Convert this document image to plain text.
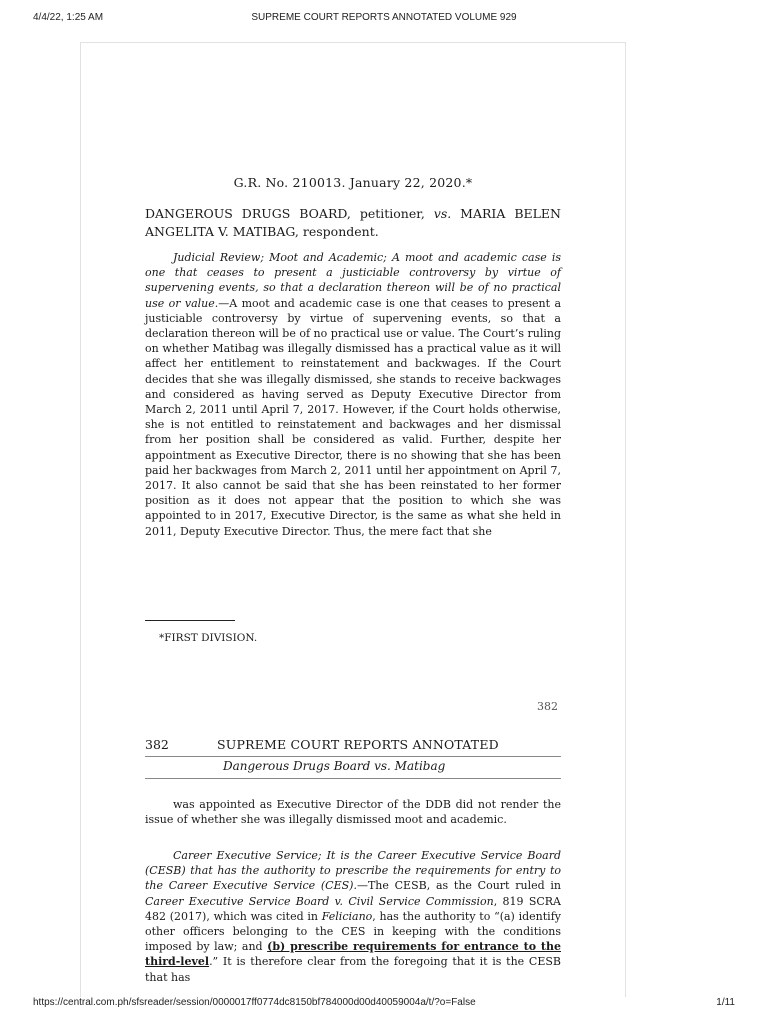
4/4/22, 1:25 AM	SUPREME COURT REPORTS ANNOTATED VOLUME 929
G.R. No. 210013. January 22, 2020.*
DANGEROUS DRUGS BOARD, petitioner, vs. MARIA BELEN ANGELITA V. MATIBAG, respondent.
Judicial Review; Moot and Academic; A moot and academic case is one that ceases to present a justiciable controversy by virtue of supervening events, so that a declaration thereon will be of no practical use or value.—A moot and academic case is one that ceases to present a justiciable controversy by virtue of supervening events, so that a declaration thereon will be of no practical use or value. The Court’s ruling on whether Matibag was illegally dismissed has a practical value as it will affect her entitlement to reinstatement and backwages. If the Court decides that she was illegally dismissed, she stands to receive backwages and considered as having served as Deputy Executive Director from March 2, 2011 until April 7, 2017. However, if the Court holds otherwise, she is not entitled to reinstatement and backwages and her dismissal from her position shall be considered as valid. Further, despite her appointment as Executive Director, there is no showing that she has been paid her backwages from March 2, 2011 until her appointment on April 7, 2017. It also cannot be said that she has been reinstated to her former position as it does not appear that the position to which she was appointed to in 2017, Executive Director, is the same as what she held in 2011, Deputy Executive Director. Thus, the mere fact that she
*FIRST DIVISION.
382
382	SUPREME COURT REPORTS ANNOTATED
Dangerous Drugs Board vs. Matibag
was appointed as Executive Director of the DDB did not render the issue of whether she was illegally dismissed moot and academic.
Career Executive Service; It is the Career Executive Service Board (CESB) that has the authority to prescribe the requirements for entry to the Career Executive Service (CES).—The CESB, as the Court ruled in Career Executive Service Board v. Civil Service Commission, 819 SCRA 482 (2017), which was cited in Feliciano, has the authority to “(a) identify other officers belonging to the CES in keeping with the conditions imposed by law; and (b) prescribe requirements for entrance to the third-level.” It is therefore clear from the foregoing that it is the CESB that has
https://central.com.ph/sfsreader/session/0000017ff0774dc8150bf784000d00d40059004a/t/?o=False	1/11
